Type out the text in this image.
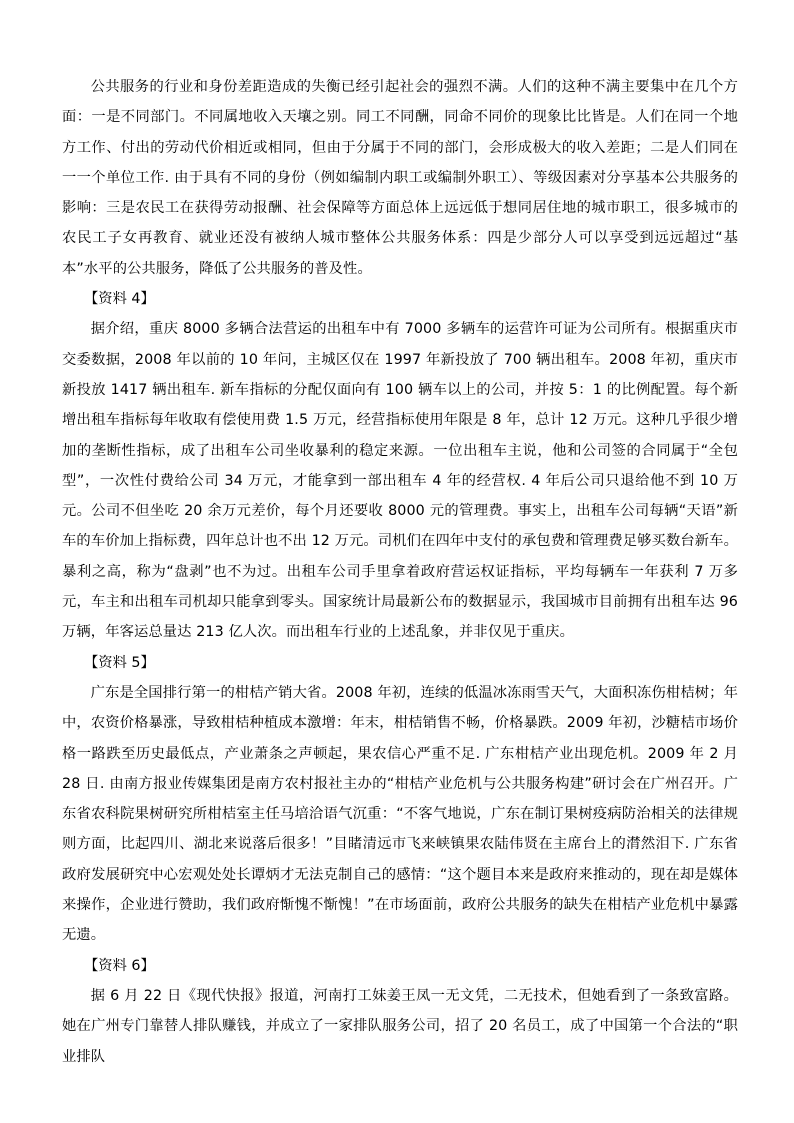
公共服务的行业和身份差距造成的失衡已经引起社会的强烈不满。人们的这种不满主要集中在几个方面：一是不同部门。不同属地收入天壤之别。同工不同酬，同命不同价的现象比比皆是。人们在同一个地方工作、付出的劳动代价相近或相同，但由于分属于不同的部门，会形成极大的收入差距；二是人们同在一一个单位工作. 由于具有不同的身份（例如编制内职工或编制外职工）、等级因素对分享基本公共服务的影响：三是农民工在获得劳动报酬、社会保障等方面总体上远远低于想同居住地的城市职工，很多城市的农民工子女再教育、就业还没有被纳人城市整体公共服务体系：四是少部分人可以享受到远远超过“基本”水平的公共服务，降低了公共服务的普及性。

【资料 4】

据介绍，重庆 8000 多辆合法营运的出租车中有 7000 多辆车的运营许可证为公司所有。根据重庆市交委数据，2008 年以前的 10 年问，主城区仅在 1997 年新投放了 700 辆出租车。2008 年初，重庆市新投放 1417 辆出租车. 新车指标的分配仅面向有 100 辆车以上的公司，并按 5：1 的比例配置。每个新增出租车指标每年收取有偿使用费 1.5 万元，经营指标使用年限是 8 年，总计 12 万元。这种几乎很少增加的垄断性指标，成了出租车公司坐收暴利的稳定来源。一位出租车主说，他和公司签的合同属于“全包型”，一次性付费给公司 34 万元，才能拿到一部出租车 4 年的经营权. 4 年后公司只退给他不到 10 万元。公司不但坐吃 20 余万元差价，每个月还要收 8000 元的管理费。事实上，出租车公司每辆“天语”新车的车价加上指标费，四年总计也不出 12 万元。司机们在四年中支付的承包费和管理费足够买数台新车。暴利之高，称为“盘剥”也不为过。出租车公司手里拿着政府营运权证指标，平均每辆车一年获利 7 万多元，车主和出租车司机却只能拿到零头。国家统计局最新公布的数据显示，我国城市目前拥有出租车达 96 万辆，年客运总量达 213 亿人次。而出租车行业的上述乱象，并非仅见于重庆。

【资料 5】

广东是全国排行第一的柑桔产销大省。2008 年初，连续的低温冰冻雨雪天气，大面积冻伤柑桔树；年中，农资价格暴涨，导致柑桔种植成本激增：年末，柑桔销售不畅，价格暴跌。2009 年初，沙糖桔市场价格一路跌至历史最低点，产业萧条之声顿起，果农信心严重不足. 广东柑桔产业出现危机。2009 年 2 月 28 日. 由南方报业传媒集团是南方农村报社主办的“柑桔产业危机与公共服务构建”研讨会在广州召开。广东省农科院果树研究所柑桔室主任马培洽语气沉重：“不客气地说，广东在制订果树疫病防治相关的法律规则方面，比起四川、湖北来说落后很多！”目睹清远市飞来峡镇果农陆伟贤在主席台上的潸然泪下. 广东省政府发展研究中心宏观处处长谭炳才无法克制自己的感情：“这个题目本来是政府来推动的，现在却是媒体来操作，企业进行赞助，我们政府惭愧不惭愧！”在市场面前，政府公共服务的缺失在柑桔产业危机中暴露无遗。

【资料 6】

据 6 月 22 日《现代快报》报道，河南打工妹姜王凤一无文凭，二无技术，但她看到了一条致富路。她在广州专门靠替人排队赚钱，并成立了一家排队服务公司，招了 20 名员工，成了中国第一个合法的“职业排队
